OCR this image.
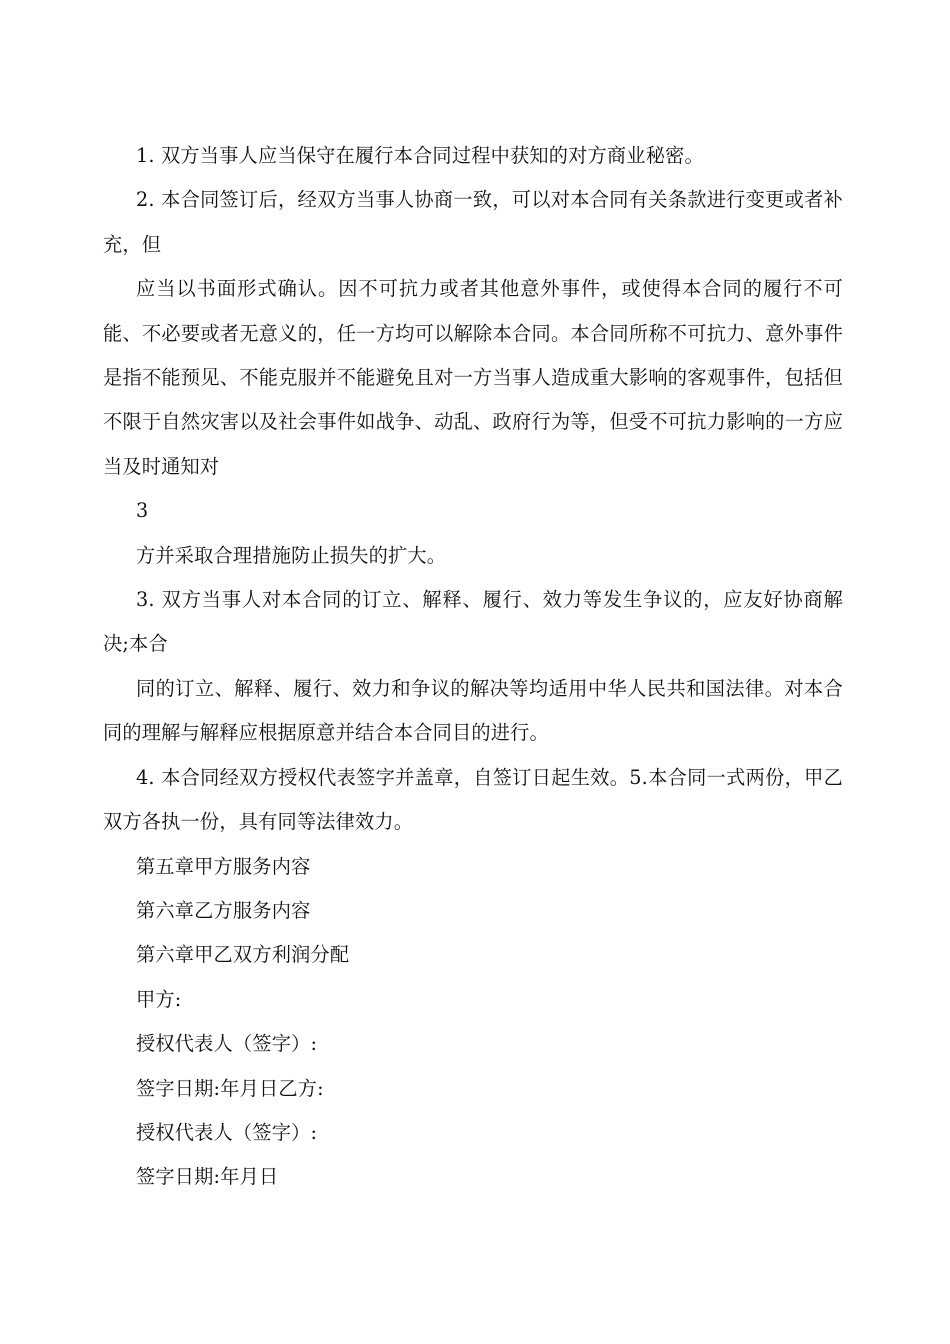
1. 双方当事人应当保守在履行本合同过程中获知的对方商业秘密。

2. 本合同签订后，经双方当事人协商一致，可以对本合同有关条款进行变更或者补充，但

应当以书面形式确认。因不可抗力或者其他意外事件，或使得本合同的履行不可能、不必要或者无意义的，任一方均可以解除本合同。本合同所称不可抗力、意外事件是指不能预见、不能克服并不能避免且对一方当事人造成重大影响的客观事件，包括但不限于自然灾害以及社会事件如战争、动乱、政府行为等，但受不可抗力影响的一方应当及时通知对

3

方并采取合理措施防止损失的扩大。

3. 双方当事人对本合同的订立、解释、履行、效力等发生争议的，应友好协商解决;本合

同的订立、解释、履行、效力和争议的解决等均适用中华人民共和国法律。对本合同的理解与解释应根据原意并结合本合同目的进行。

4. 本合同经双方授权代表签字并盖章，自签订日起生效。5.本合同一式两份，甲乙双方各执一份，具有同等法律效力。

第五章甲方服务内容

第六章乙方服务内容

第六章甲乙双方利润分配

甲方:

授权代表人（签字）:

签字日期:年月日乙方:

授权代表人（签字）:

签字日期:年月日
